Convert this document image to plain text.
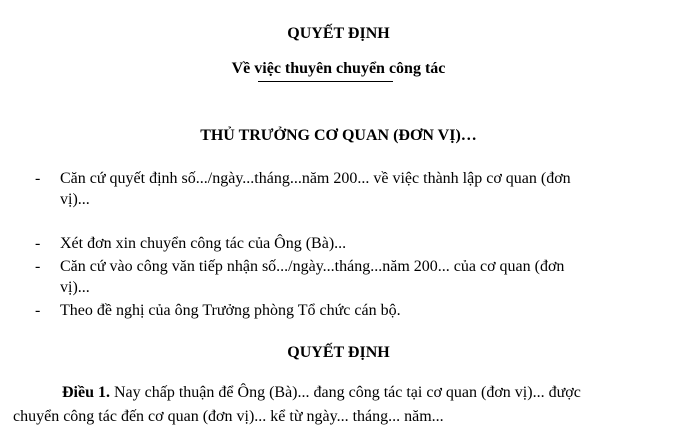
QUYẾT ĐỊNH
Về việc thuyên chuyển công tác
THỦ TRƯỞNG CƠ QUAN (ĐƠN VỊ)…
- Căn cứ quyết định số.../ngày...tháng...năm 200... về việc thành lập cơ quan (đơn
vị)...
- Xét đơn xin chuyển công tác của Ông (Bà)...
- Căn cứ vào công văn tiếp nhận số.../ngày...tháng...năm 200... của cơ quan (đơn
vị)...
- Theo đề nghị của ông Trưởng phòng Tổ chức cán bộ.
QUYẾT ĐỊNH
Điều 1. Nay chấp thuận để Ông (Bà)... đang công tác tại cơ quan (đơn vị)... được
chuyển công tác đến cơ quan (đơn vị)... kể từ ngày... tháng... năm...
